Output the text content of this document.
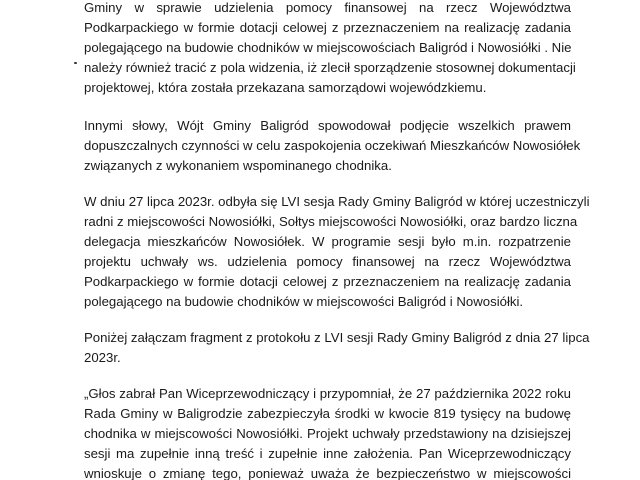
Gminy w sprawie udzielenia pomocy finansowej na rzecz Województwa
Podkarpackiego w formie dotacji celowej z przeznaczeniem na realizację zadania
polegającego na budowie chodników w miejscowościach Baligród i Nowosiółki . Nie
należy również tracić z pola widzenia, iż zlecił sporządzenie stosownej dokumentacji
projektowej, która została przekazana samorządowi wojewódzkiemu.
Innymi słowy, Wójt Gminy Baligród spowodował podjęcie wszelkich prawem
dopuszczalnych czynności w celu zaspokojenia oczekiwań Mieszkańców Nowosiółek
związanych z wykonaniem wspominanego chodnika.
W dniu 27 lipca 2023r. odbyła się LVI sesja Rady Gminy Baligród w której uczestniczyli
radni z miejscowości Nowosiółki, Sołtys miejscowości Nowosiółki, oraz bardzo liczna
delegacja mieszkańców Nowosiółek. W programie sesji było m.in. rozpatrzenie
projektu uchwały ws. udzielenia pomocy finansowej na rzecz Województwa
Podkarpackiego w formie dotacji celowej z przeznaczeniem na realizację zadania
polegającego na budowie chodników w miejscowości Baligród i Nowosiółki.
Poniżej załączam fragment z protokołu z LVI sesji Rady Gminy Baligród z dnia 27 lipca
2023r.
„Głos zabrał Pan Wiceprzewodniczący i przypomniał, że 27 października 2022 roku
Rada Gminy w Baligrodzie zabezpieczyła środki w kwocie 819 tysięcy na budowę
chodnika w miejscowości Nowosiółki. Projekt uchwały przedstawiony na dzisiejszej
sesji ma zupełnie inną treść i zupełnie inne założenia. Pan Wiceprzewodniczący
wnioskuje o zmianę tego, ponieważ uważa że bezpieczeństwo w miejscowości
